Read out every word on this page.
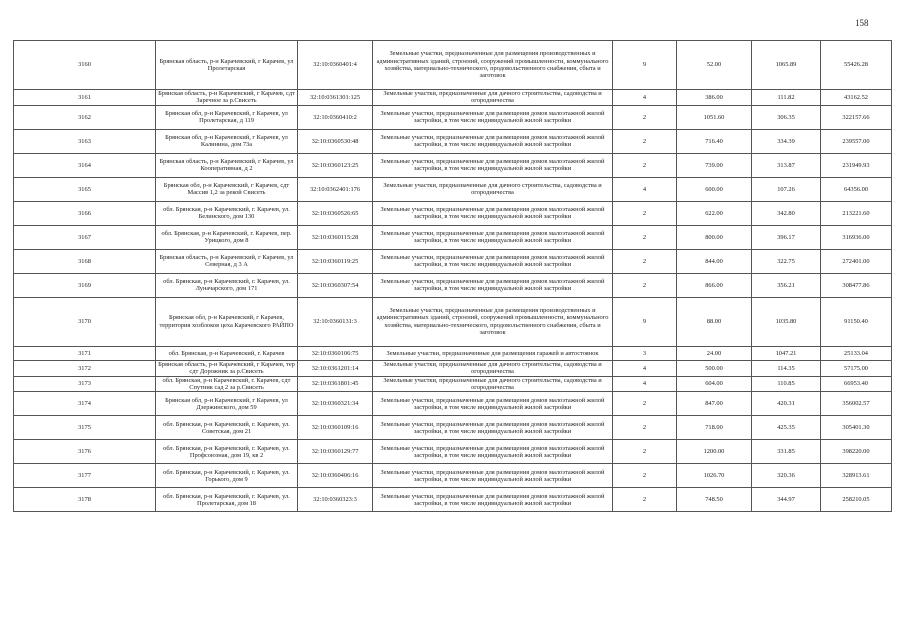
158
3160	Брянская область, р-н Карачевский, г Карачев, ул Пролетарская	32:10:0360401:4	Земельные участки, предназначенные для размещения производственных и административных зданий, строений, сооружений промышленности, коммунального хозяйства, материально-технического, продовольственного снабжения, сбыта и заготовок	9	52.00	1065.89	55426.28
3161	Брянская область, р-н Карачевский, г Карачев, сдт Заречное за р.Свисеть	32:10:0361301:125	Земельные участки, предназначенные для дачного строительства, садоводства и огородничества	4	386.00	111.82	43162.52
3162	Брянская обл, р-н Карачевский, г Карачев, ул Пролетарская, д 119	32:10:0360410:2	Земельные участки, предназначенные для размещения домов малоэтажной жилой застройки, в том числе индивидуальной жилой застройки	2	1051.60	306.35	322157.66
3163	Брянская обл, р-н Карачевский, г Карачев, ул Калинина, дом 73а	32:10:0360530:48	Земельные участки, предназначенные для размещения домов малоэтажной жилой застройки, в том числе индивидуальной жилой застройки	2	716.40	334.39	239557.00
3164	Брянская область, р-н Карачевский, г Карачев, ул Кооперативная, д 2	32:10:0360123:25	Земельные участки, предназначенные для размещения домов малоэтажной жилой застройки, в том числе индивидуальной жилой застройки	2	739.00	313.87	231949.93
3165	Брянская обл, р-н Карачевский, г Карачев, сдт Массив 1,2 за рекой Свисеть	32:10:0362401:176	Земельные участки, предназначенные для дачного строительства, садоводства и огородничества	4	600.00	107.26	64356.00
3166	обл. Брянская, р-н Карачевский, г. Карачев, ул. Белинского, дом 130	32:10:0360526:65	Земельные участки, предназначенные для размещения домов малоэтажной жилой застройки, в том числе индивидуальной жилой застройки	2	622.00	342.80	213221.60
3167	обл. Брянская, р-н Карачевский, г. Карачев, пер. Урицкого, дом 8	32:10:0360115:28	Земельные участки, предназначенные для размещения домов малоэтажной жилой застройки, в том числе индивидуальной жилой застройки	2	800.00	396.17	316936.00
3168	Брянская область, р-н Карачевский, г Карачев, ул Северная, д 3 А	32:10:0360119:25	Земельные участки, предназначенные для размещения домов малоэтажной жилой застройки, в том числе индивидуальной жилой застройки	2	844.00	322.75	272401.00
3169	обл. Брянская, р-н Карачевский, г. Карачев, ул. Луначарского, дом 171	32:10:0360307:54	Земельные участки, предназначенные для размещения домов малоэтажной жилой застройки, в том числе индивидуальной жилой застройки	2	866.00	356.21	308477.86
3170	Брянская обл, р-н Карачевский, г Карачев, территория хозблоков цеха Карачевского РАЙПО	32:10:0360131:3	Земельные участки, предназначенные для размещения производственных и административных зданий, строений, сооружений промышленности, коммунального хозяйства, материально-технического, продовольственного снабжения, сбыта и заготовок	9	88.00	1035.80	91150.40
3171	обл. Брянская, р-н Карачевский, г. Карачев	32:10:0360106:75	Земельные участки, предназначенные для размещения гаражей и автостоянок	3	24.00	1047.21	25133.04
3172	Брянская область, р-н Карачевский, г Карачев, тер сдт Дорожник за р.Свисеть	32:10:0361201:14	Земельные участки, предназначенные для дачного строительства, садоводства и огородничества	4	500.00	114.35	57175.00
3173	обл. Брянская, р-н Карачевский, г. Карачев, сдт Спутник сад 2 за р.Свисеть	32:10:0361801:45	Земельные участки, предназначенные для дачного строительства, садоводства и огородничества	4	604.00	110.85	66953.40
3174	Брянская обл, р-н Карачевский, г Карачев, ул Дзержинского, дом 59	32:10:0360321:34	Земельные участки, предназначенные для размещения домов малоэтажной жилой застройки, в том числе индивидуальной жилой застройки	2	847.00	420.31	356002.57
3175	обл. Брянская, р-н Карачевский, г. Карачев, ул. Советская, дом 21	32:10:0360109:16	Земельные участки, предназначенные для размещения домов малоэтажной жилой застройки, в том числе индивидуальной жилой застройки	2	718.00	425.35	305401.30
3176	обл. Брянская, р-н Карачевский, г. Карачев, ул. Профсоюзная, дом 19, кв 2	32:10:0360129:77	Земельные участки, предназначенные для размещения домов малоэтажной жилой застройки, в том числе индивидуальной жилой застройки	2	1200.00	331.85	398220.00
3177	обл. Брянская, р-н Карачевский, г. Карачев, ул. Горького, дом 9	32:10:0360406:16	Земельные участки, предназначенные для размещения домов малоэтажной жилой застройки, в том числе индивидуальной жилой застройки	2	1026.70	320.36	328913.61
3178	обл. Брянская, р-н Карачевский, г. Карачев, ул. Пролетарская, дом 18	32:10:0360323:3	Земельные участки, предназначенные для размещения домов малоэтажной жилой застройки, в том числе индивидуальной жилой застройки	2	748.50	344.97	258210.05
